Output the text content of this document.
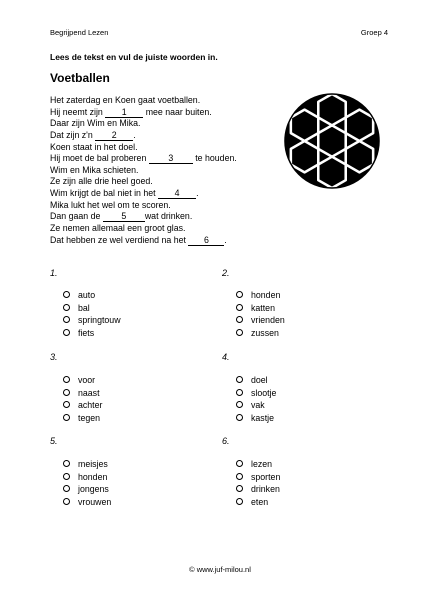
Begrijpend Lezen	Groep 4
Lees de tekst en vul de juiste woorden in.
Voetballen
Het zaterdag en Koen gaat voetballen.
Hij neemt zijn 1 mee naar buiten.
Daar zijn Wim en Mika.
Dat zijn z'n 2 .
Koen staat in het doel.
Hij moet de bal proberen 3 te houden.
Wim en Mika schieten.
Ze zijn alle drie heel goed.
Wim krijgt de bal niet in het 4 .
Mika lukt het wel om te scoren.
Dan gaan de 5 wat drinken.
Ze nemen allemaal een groot glas.
Dat hebben ze wel verdiend na het 6 .
1.
auto
bal
springtouw
fiets
2.
honden
katten
vrienden
zussen
3.
voor
naast
achter
tegen
4.
doel
slootje
vak
kastje
5.
meisjes
honden
jongens
vrouwen
6.
lezen
sporten
drinken
eten
© www.juf-milou.nl
